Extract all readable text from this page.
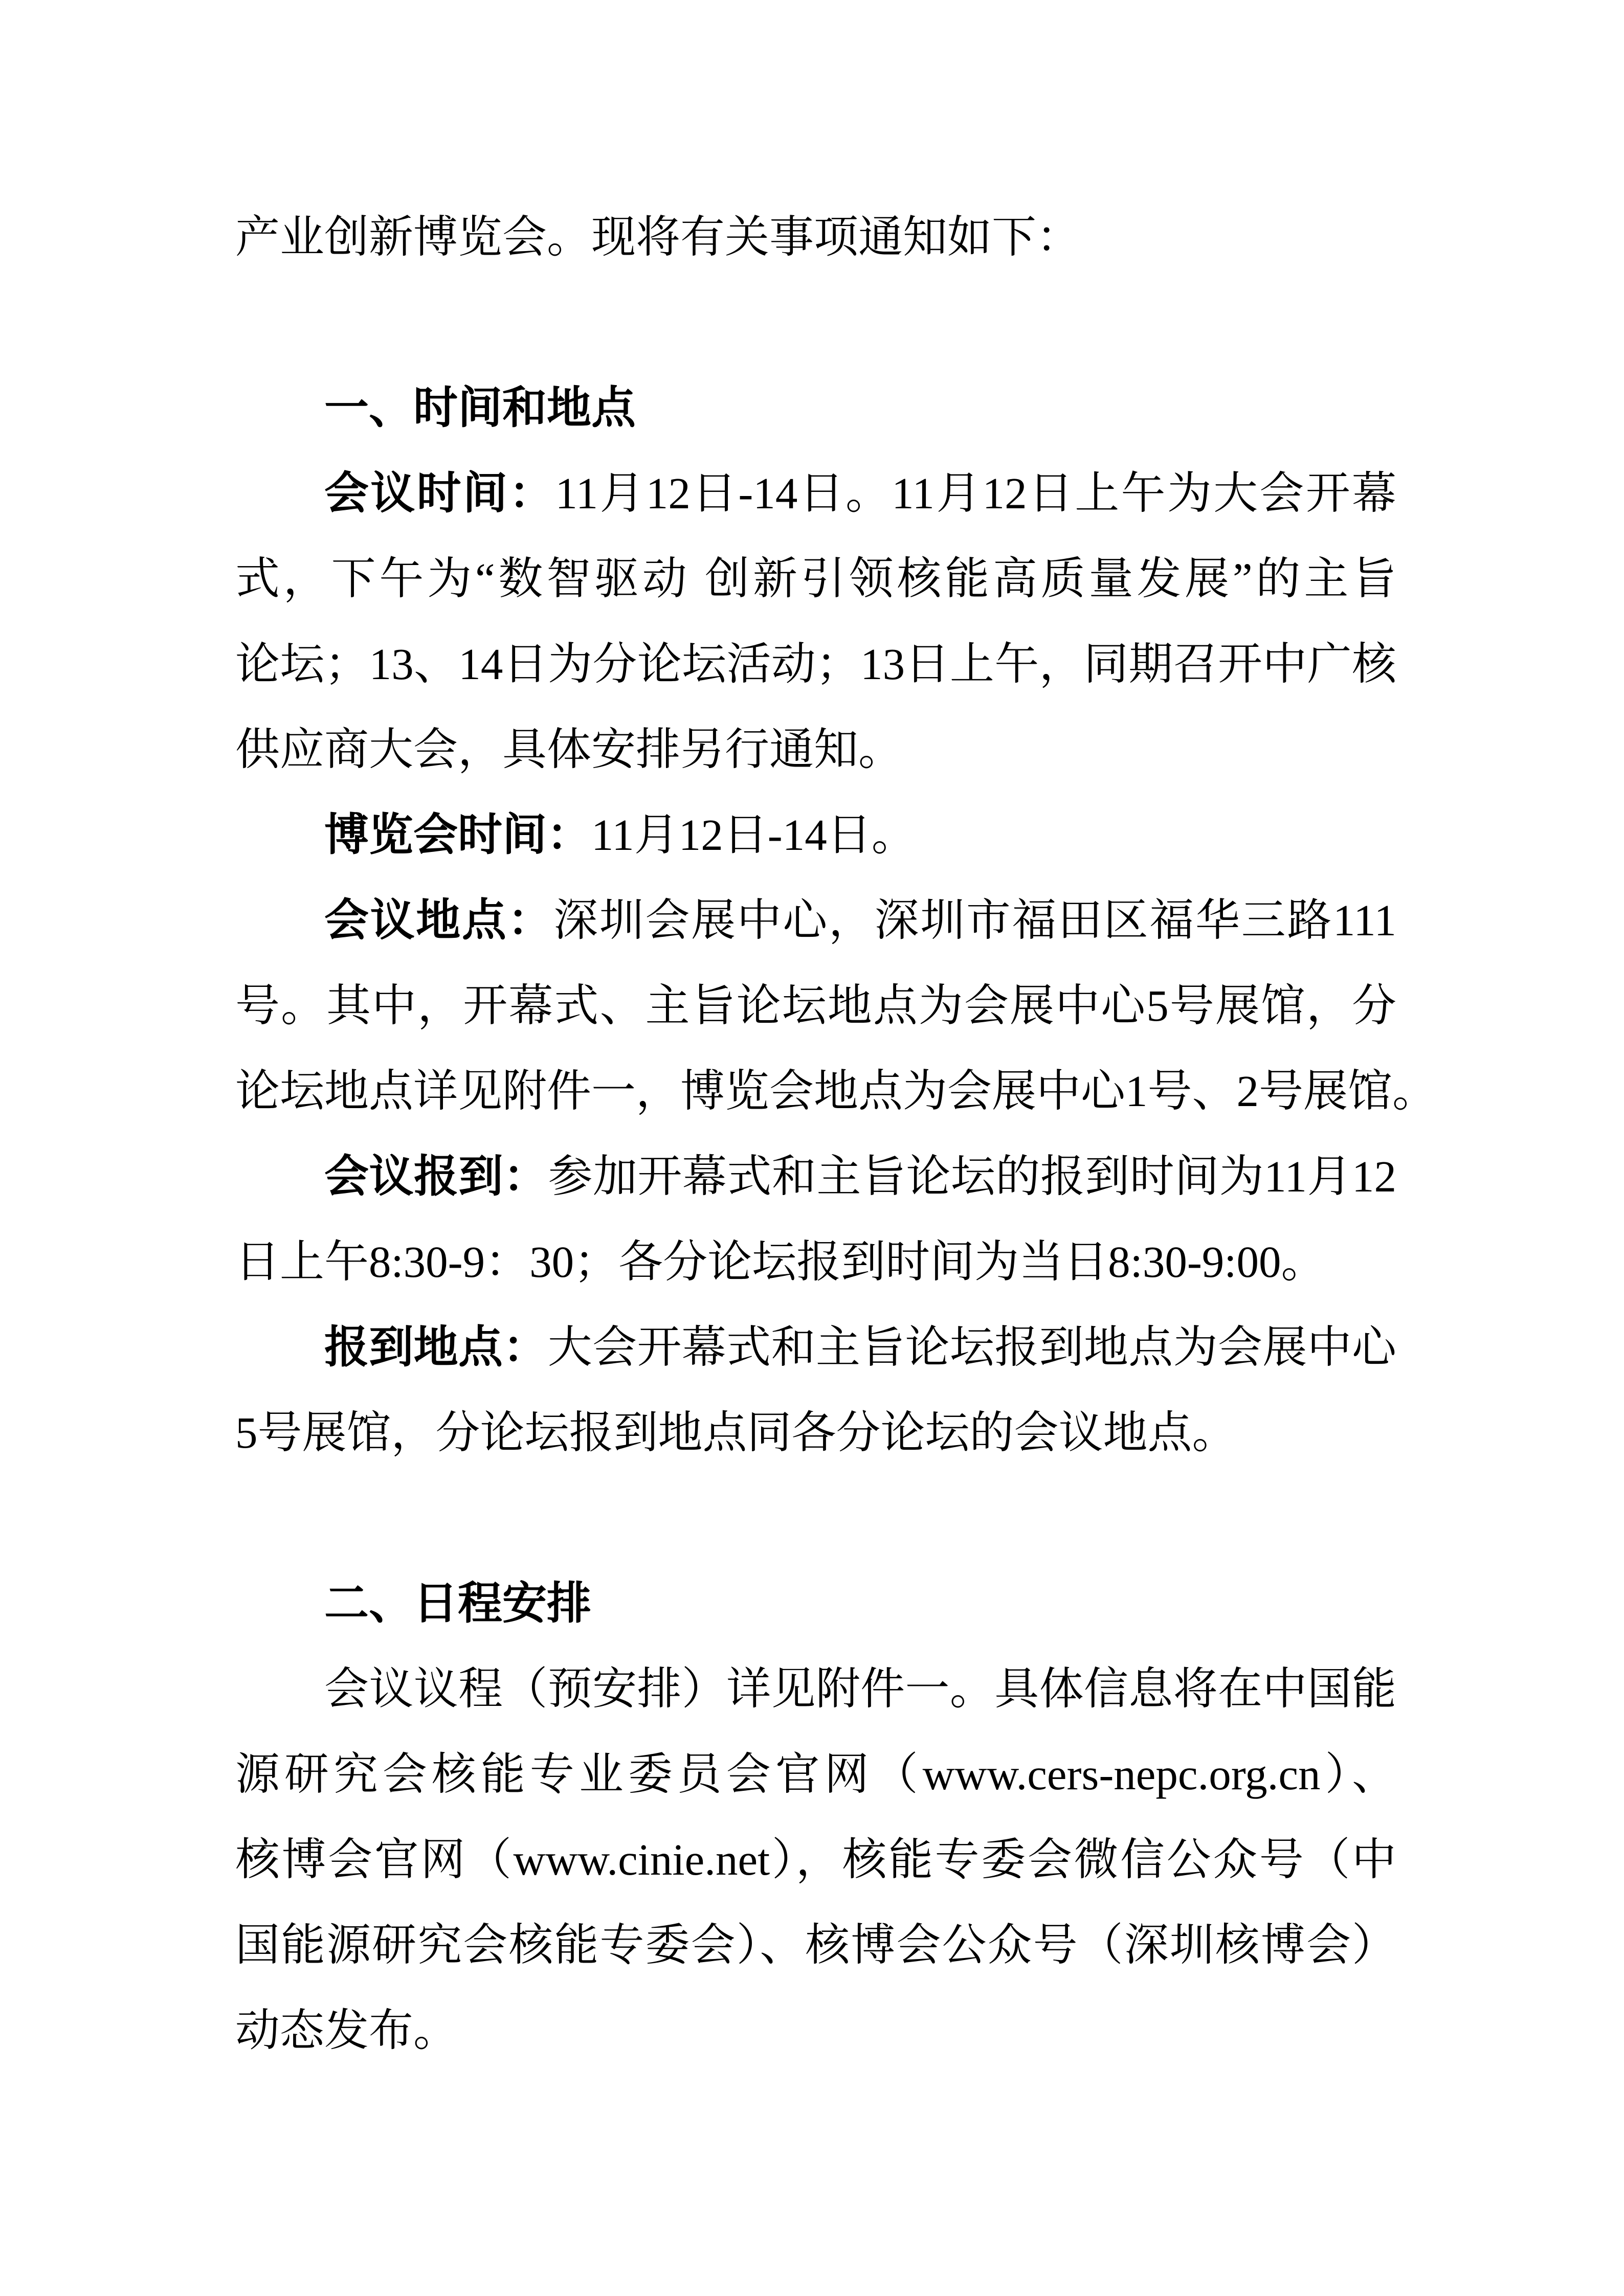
产业创新博览会。现将有关事项通知如下：
一、时间和地点
会议时间：11月12日-14日。11月12日上午为大会开幕
式，下午为“数智驱动 创新引领核能高质量发展”的主旨
论坛；13、14日为分论坛活动；13日上午，同期召开中广核
供应商大会，具体安排另行通知。
博览会时间：11月12日-14日。
会议地点：深圳会展中心，深圳市福田区福华三路111
号。其中，开幕式、主旨论坛地点为会展中心5号展馆，分
论坛地点详见附件一，博览会地点为会展中心1号、2号展馆。
会议报到：参加开幕式和主旨论坛的报到时间为11月12
日上午8:30-9：30；各分论坛报到时间为当日8:30-9:00。
报到地点：大会开幕式和主旨论坛报到地点为会展中心
5号展馆，分论坛报到地点同各分论坛的会议地点。
二、日程安排
会议议程（预安排）详见附件一。具体信息将在中国能
源研究会核能专业委员会官网（www.cers-nepc.org.cn）、
核博会官网（www.cinie.net），核能专委会微信公众号（中
国能源研究会核能专委会）、核博会公众号（深圳核博会）
动态发布。
